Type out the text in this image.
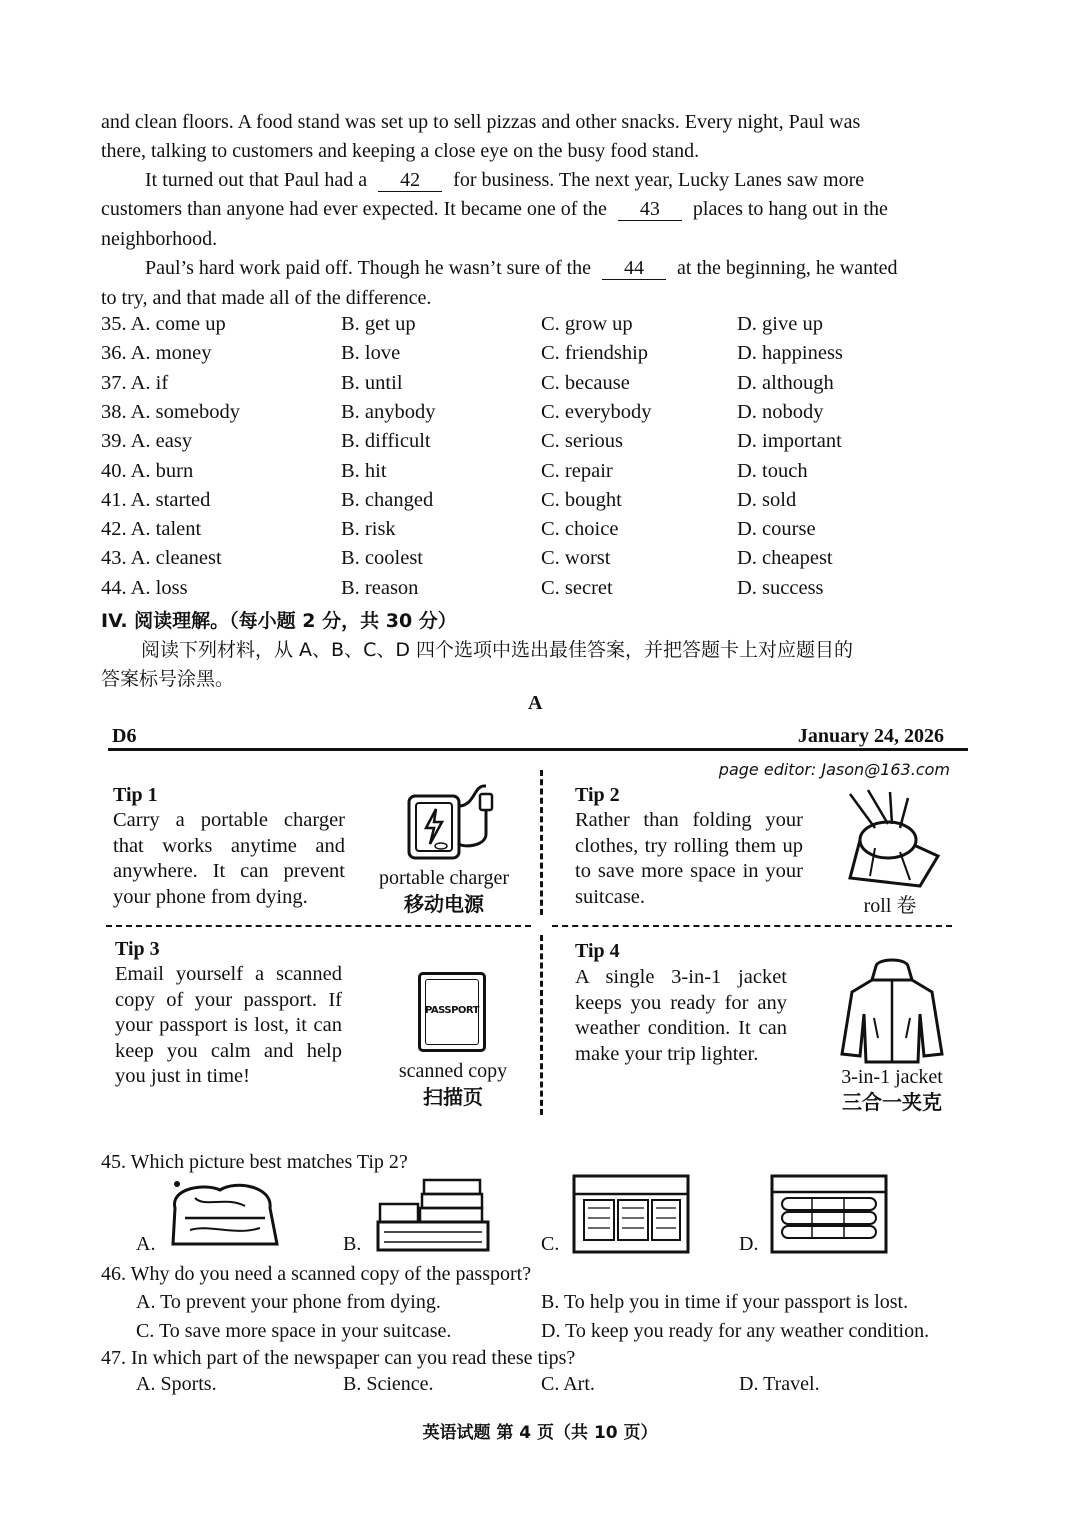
and clean floors. A food stand was set up to sell pizzas and other snacks. Every night, Paul was
there, talking to customers and keeping a close eye on the busy food stand.
It turned out that Paul had a 42 for business. The next year, Lucky Lanes saw more
customers than anyone had ever expected. It became one of the 43 places to hang out in the
neighborhood.
Paul’s hard work paid off. Though he wasn’t sure of the 44 at the beginning, he wanted
to try, and that made all of the difference.
35. A. come up	B. get up	C. grow up	D. give up
36. A. money	B. love	C. friendship	D. happiness
37. A. if	B. until	C. because	D. although
38. A. somebody	B. anybody	C. everybody	D. nobody
39. A. easy	B. difficult	C. serious	D. important
40. A. burn	B. hit	C. repair	D. touch
41. A. started	B. changed	C. bought	D. sold
42. A. talent	B. risk	C. choice	D. course
43. A. cleanest	B. coolest	C. worst	D. cheapest
44. A. loss	B. reason	C. secret	D. success
IV. 阅读理解。（每小题 2 分，共 30 分）
阅读下列材料，从 A、B、C、D 四个选项中选出最佳答案，并把答题卡上对应题目的
答案标号涂黑。
A
D6	January 24, 2026
page editor: Jason@163.com
Tip 1
Carry a portable charger that works anytime and anywhere. It can prevent your phone from dying.
portable charger
移动电源
Tip 2
Rather than folding your clothes, try rolling them up to save more space in your suitcase.	roll 卷
Tip 3
Email yourself a scanned copy of your passport. If your passport is lost, it can keep you calm and help you just in time!
PASSPORT
scanned copy
扫描页
Tip 4
A single 3-in-1 jacket keeps you ready for any weather condition. It can make your trip lighter.
3-in-1 jacket
三合一夹克
45. Which picture best matches Tip 2?
A.	B.	C.	D.
46. Why do you need a scanned copy of the passport?
A. To prevent your phone from dying.	B. To help you in time if your passport is lost.
C. To save more space in your suitcase.	D. To keep you ready for any weather condition.
47. In which part of the newspaper can you read these tips?
A. Sports.	B. Science.	C. Art.	D. Travel.
英语试题 第 4 页（共 10 页）
